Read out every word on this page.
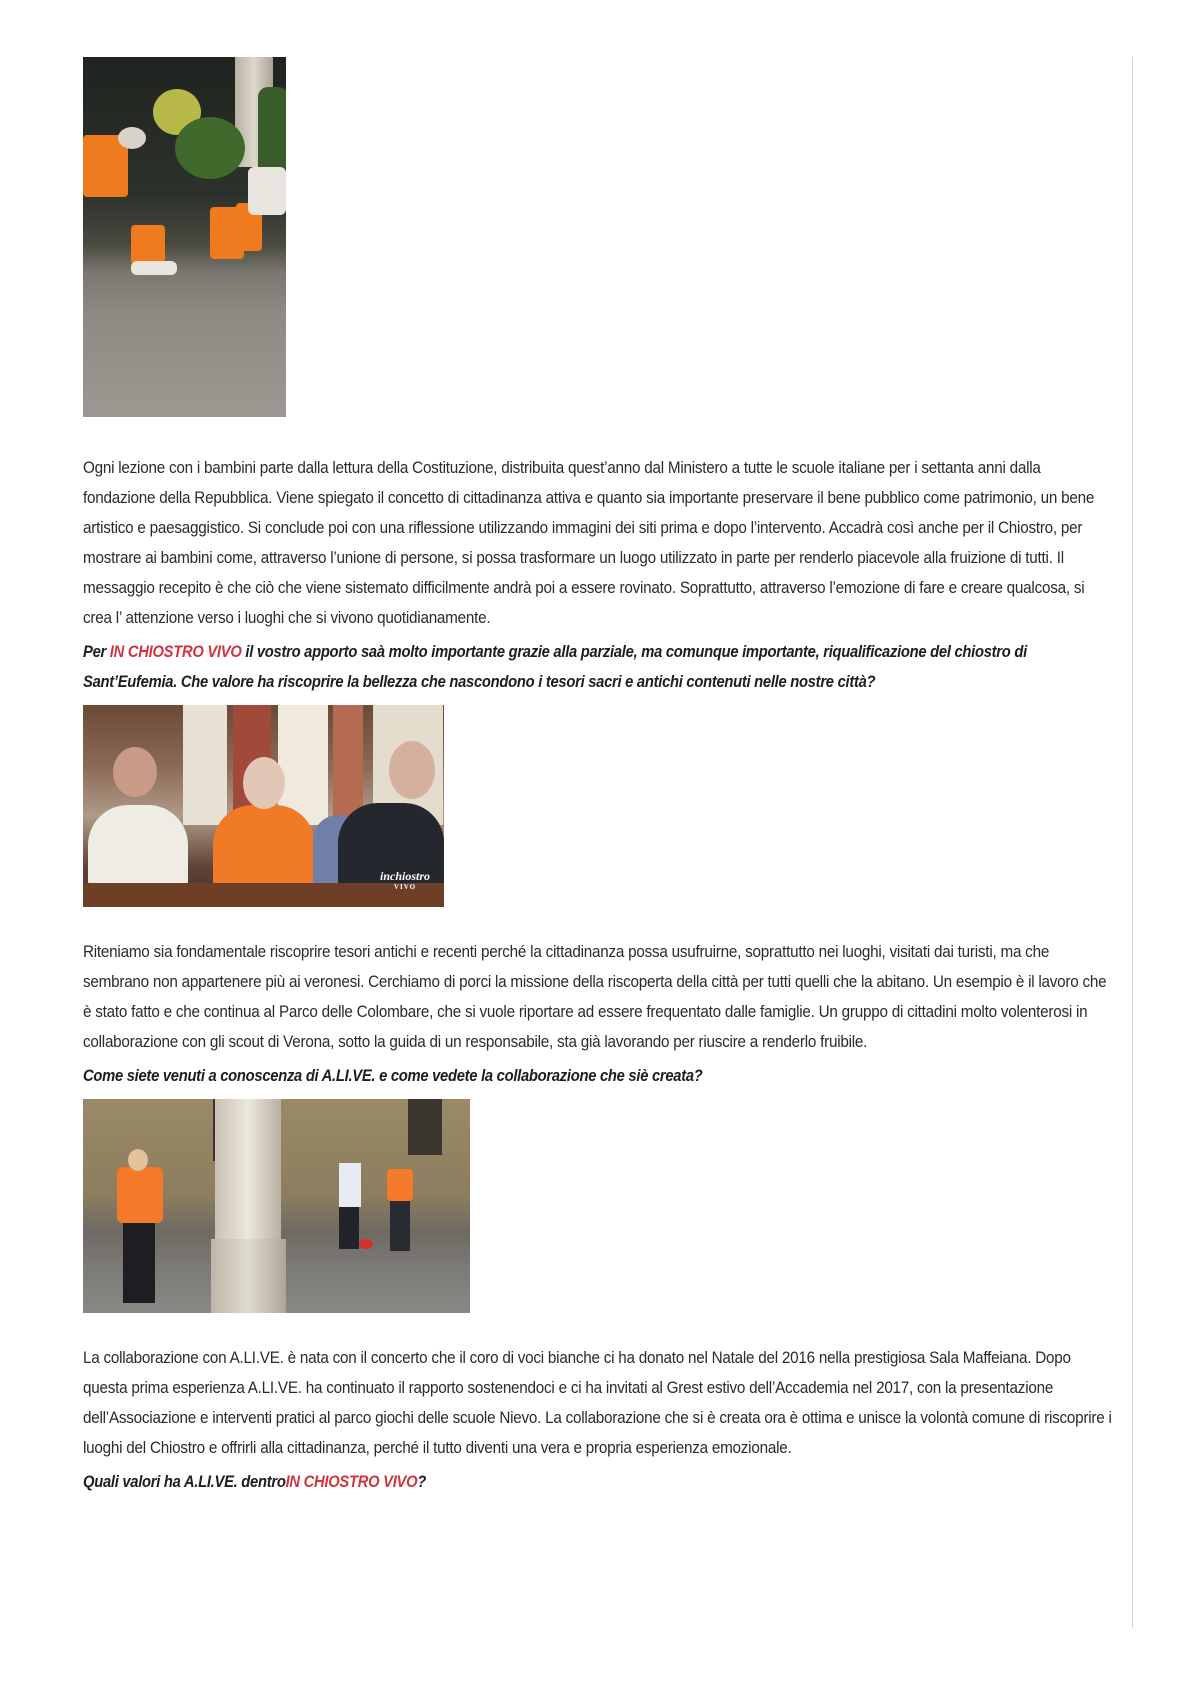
Ogni lezione con i bambini parte dalla lettura della Costituzione, distribuita quest’anno dal Ministero a tutte le scuole italiane per i settanta anni dalla fondazione della Repubblica. Viene spiegato il concetto di cittadinanza attiva e quanto sia importante preservare il bene pubblico come patrimonio, un bene artistico e paesaggistico. Si conclude poi con una riflessione utilizzando immagini dei siti prima e dopo l’intervento. Accadrà così anche per il Chiostro, per mostrare ai bambini come, attraverso l’unione di persone, si possa trasformare un luogo utilizzato in parte per renderlo piacevole alla fruizione di tutti. Il messaggio recepito è che ciò che viene sistemato difficilmente andrà poi a essere rovinato. Soprattutto, attraverso l’emozione di fare e creare qualcosa, si crea l’ attenzione verso i luoghi che si vivono quotidianamente.

Per IN CHIOSTRO VIVO il vostro apporto saà molto importante grazie alla parziale, ma comunque importante, riqualificazione del chiostro di Sant’Eufemia. Che valore ha riscoprire la bellezza che nascondono i tesori sacri e antichi contenuti nelle nostre città?

inchiostro
VIVO

Riteniamo sia fondamentale riscoprire tesori antichi e recenti perché la cittadinanza possa usufruirne, soprattutto nei luoghi, visitati dai turisti, ma che sembrano non appartenere più ai veronesi. Cerchiamo di porci la missione della riscoperta della città per tutti quelli che la abitano. Un esempio è il lavoro che è stato fatto e che continua al Parco delle Colombare, che si vuole riportare ad essere frequentato dalle famiglie. Un gruppo di cittadini molto volenterosi in collaborazione con gli scout di Verona, sotto la guida di un responsabile, sta già lavorando per riuscire a renderlo fruibile.

Come siete venuti a conoscenza di A.LI.VE. e come vedete la collaborazione che siè creata?

La collaborazione con A.LI.VE. è nata con il concerto che il coro di voci bianche ci ha donato nel Natale del 2016 nella prestigiosa Sala Maffeiana. Dopo questa prima esperienza A.LI.VE. ha continuato il rapporto sostenendoci e ci ha invitati al Grest estivo dell’Accademia nel 2017, con la presentazione dell’Associazione e interventi pratici al parco giochi delle scuole Nievo. La collaborazione che si è creata ora è ottima e unisce la volontà comune di riscoprire i luoghi del Chiostro e offrirli alla cittadinanza, perché il tutto diventi una vera e propria esperienza emozionale.

Quali valori ha A.LI.VE. dentroIN CHIOSTRO VIVO?
